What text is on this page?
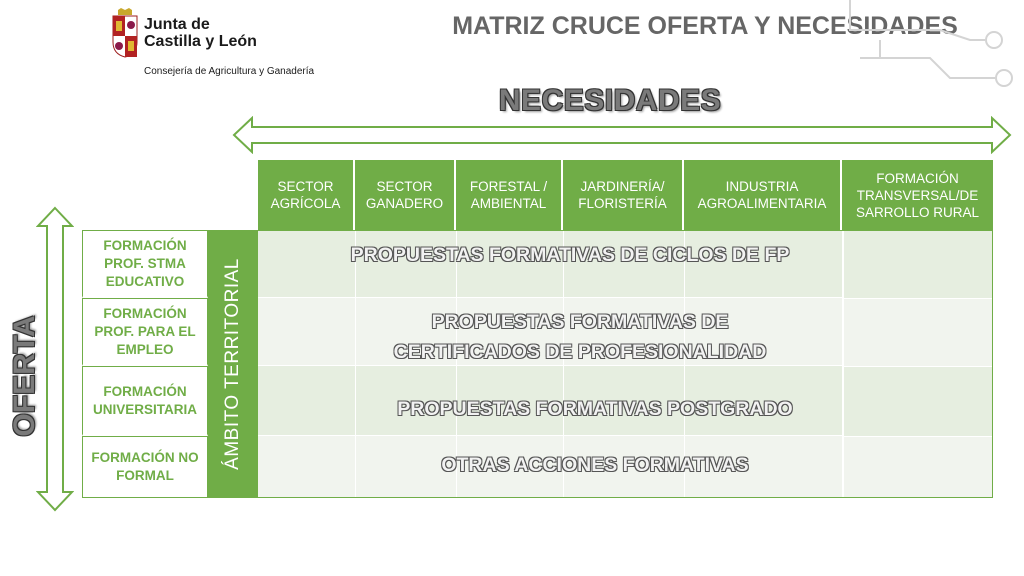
Junta de
Castilla y León
Consejería de Agricultura y Ganadería
MATRIZ CRUCE OFERTA Y NECESIDADES
NECESIDADES
OFERTA
SECTOR AGRÍCOLA
SECTOR GANADERO
FORESTAL / AMBIENTAL
JARDINERÍA/ FLORISTERÍA
INDUSTRIA AGROALIMENTARIA
FORMACIÓN TRANSVERSAL/DE SARROLLO RURAL
FORMACIÓN PROF. STMA EDUCATIVO
FORMACIÓN PROF. PARA EL EMPLEO
FORMACIÓN UNIVERSITARIA
FORMACIÓN NO FORMAL
ÁMBITO TERRITORIAL
PROPUESTAS FORMATIVAS DE CICLOS DE FP
PROPUESTAS FORMATIVAS DE CERTIFICADOS DE PROFESIONALIDAD
PROPUESTAS FORMATIVAS POSTGRADO
OTRAS ACCIONES FORMATIVAS
